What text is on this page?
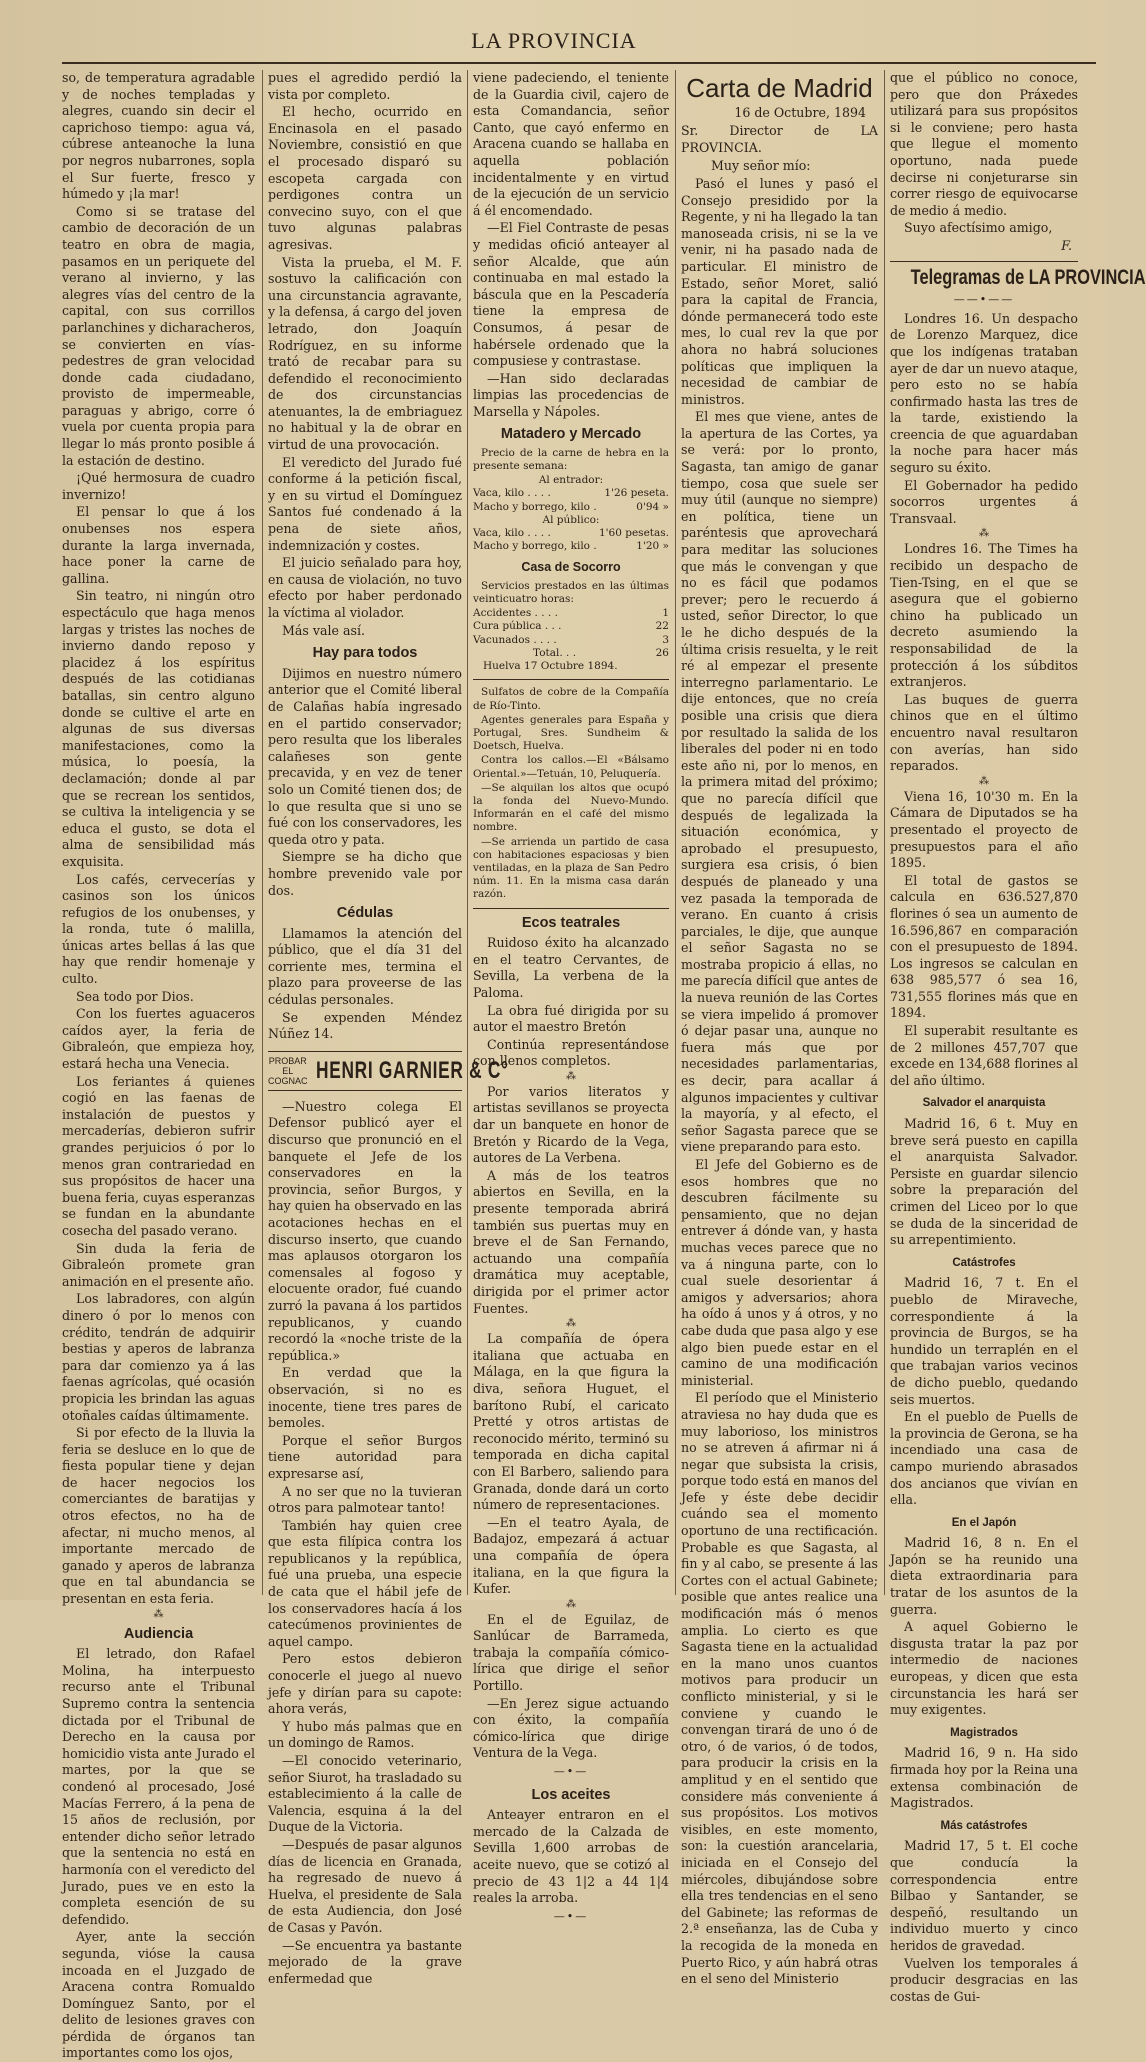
LA PROVINCIA

so, de temperatura agradable y de noches templadas y alegres, cuando sin decir el caprichoso tiempo: agua vá, cúbrese anteanoche la luna por negros nubarrones, sopla el Sur fuerte, fresco y húmedo y ¡la mar!

Como si se tratase del cambio de decoración de un teatro en obra de magia, pasamos en un periquete del verano al invierno, y las alegres vías del centro de la capital, con sus corrillos parlanchines y dicharacheros, se convierten en vías-pedestres de gran velocidad donde cada ciudadano, provisto de impermeable, paraguas y abrigo, corre ó vuela por cuenta propia para llegar lo más pronto posible á la estación de destino.

¡Qué hermosura de cuadro invernizo!

El pensar lo que á los onubenses nos espera durante la larga invernada, hace poner la carne de gallina.

Sin teatro, ni ningún otro espectáculo que haga menos largas y tristes las noches de invierno dando reposo y placidez á los espíritus después de las cotidianas batallas, sin centro alguno donde se cultive el arte en algunas de sus diversas manifestaciones, como la música, lo poesía, la declamación; donde al par que se recrean los sentidos, se cultiva la inteligencia y se educa el gusto, se dota el alma de sensibilidad más exquisita.

Los cafés, cervecerías y casinos son los únicos refugios de los onubenses, y la ronda, tute ó malilla, únicas artes bellas á las que hay que rendir homenaje y culto.

Sea todo por Dios.

Con los fuertes aguaceros caídos ayer, la feria de Gibraleón, que empieza hoy, estará hecha una Venecia.

Los feriantes á quienes cogió en las faenas de instalación de puestos y mercaderías, debieron sufrir grandes perjuicios ó por lo menos gran contrariedad en sus propósitos de hacer una buena feria, cuyas esperanzas se fundan en la abundante cosecha del pasado verano.

Sin duda la feria de Gibraleón promete gran animación en el presente año.

Los labradores, con algún dinero ó por lo menos con crédito, tendrán de adquirir bestias y aperos de labranza para dar comienzo ya á las faenas agrícolas, qué ocasión propicia les brindan las aguas otoñales caídas últimamente.

Si por efecto de la lluvia la feria se desluce en lo que de fiesta popular tiene y dejan de hacer negocios los comerciantes de baratijas y otros efectos, no ha de afectar, ni mucho menos, al importante mercado de ganado y aperos de labranza que en tal abundancia se presentan en esta feria.

⁂
Audiencia

El letrado, don Rafael Molina, ha interpuesto recurso ante el Tribunal Supremo contra la sentencia dictada por el Tribunal de Derecho en la causa por homicidio vista ante Jurado el martes, por la que se condenó al procesado, José Macías Ferrero, á la pena de 15 años de reclusión, por entender dicho señor letrado que la sentencia no está en harmonía con el veredicto del Jurado, pues ve en esto la completa esención de su defendido.

Ayer, ante la sección segunda, vióse la causa incoada en el Juzgado de Aracena contra Romualdo Domínguez Santo, por el delito de lesiones graves con pérdida de órganos tan importantes como los ojos,

pues el agredido perdió la vista por completo.

El hecho, ocurrido en Encinasola en el pasado Noviembre, consistió en que el procesado disparó su escopeta cargada con perdigones contra un convecino suyo, con el que tuvo algunas palabras agresivas.

Vista la prueba, el M. F. sostuvo la calificación con una circunstancia agravante, y la defensa, á cargo del joven letrado, don Joaquín Rodríguez, en su informe trató de recabar para su defendido el reconocimiento de dos circunstancias atenuantes, la de embriaguez no habitual y la de obrar en virtud de una provocación.

El veredicto del Jurado fué conforme á la petición fiscal, y en su virtud el Domínguez Santos fué condenado á la pena de siete años, indemnización y costes.

El juicio señalado para hoy, en causa de violación, no tuvo efecto por haber perdonado la víctima al violador.

Más vale así.

Hay para todos

Dijimos en nuestro número anterior que el Comité liberal de Calañas había ingresado en el partido conservador; pero resulta que los liberales calañeses son gente precavida, y en vez de tener solo un Comité tienen dos; de lo que resulta que si uno se fué con los conservadores, les queda otro y pata.

Siempre se ha dicho que hombre prevenido vale por dos.

Cédulas

Llamamos la atención del público, que el día 31 del corriente mes, termina el plazo para proveerse de las cédulas personales.

Se expenden Méndez Núñez 14.

PROBAR
EL
COGNAC HENRI GARNIER & C°

—Nuestro colega El Defensor publicó ayer el discurso que pronunció en el banquete el Jefe de los conservadores en la provincia, señor Burgos, y hay quien ha observado en las acotaciones hechas en el discurso inserto, que cuando mas aplausos otorgaron los comensales al fogoso y elocuente orador, fué cuando zurró la pavana á los partidos republicanos, y cuando recordó la «noche triste de la república.»

En verdad que la observación, si no es inocente, tiene tres pares de bemoles.

Porque el señor Burgos tiene autoridad para expresarse así,

A no ser que no la tuvieran otros para palmotear tanto!

También hay quien cree que esta filípica contra los republicanos y la república, fué una prueba, una especie de cata que el hábil jefe de los conservadores hacía á los catecúmenos provinientes de aquel campo.

Pero estos debieron conocerle el juego al nuevo jefe y dirían para su capote: ahora verás,

Y hubo más palmas que en un domingo de Ramos.

—El conocido veterinario, señor Siurot, ha trasladado su establecimiento á la calle de Valencia, esquina á la del Duque de la Victoria.

—Después de pasar algunos días de licencia en Granada, ha regresado de nuevo á Huelva, el presidente de Sala de esta Audiencia, don José de Casas y Pavón.

—Se encuentra ya bastante mejorado de la grave enfermedad que

viene padeciendo, el teniente de la Guardia civil, cajero de esta Comandancia, señor Canto, que cayó enfermo en Aracena cuando se hallaba en aquella población incidentalmente y en virtud de la ejecución de un servicio á él encomendado.

—El Fiel Contraste de pesas y medidas ofició anteayer al señor Alcalde, que aún continuaba en mal estado la báscula que en la Pescadería tiene la empresa de Consumos, á pesar de habérsele ordenado que la compusiese y contrastase.

—Han sido declaradas limpias las procedencias de Marsella y Nápoles.

Matadero y Mercado

Precio de la carne de hebra en la presente semana:

Al entrador:
Vaca, kilo . . . .	1'26 peseta.
Macho y borrego, kilo .	0'94 »
Al público:
Vaca, kilo . . . .	1'60 pesetas.
Macho y borrego, kilo .	1'20 »
Casa de Socorro

Servicios prestados en las últimas veinticuatro horas:

Accidentes . . . .	1
Cura pública . . .	22
Vacunados . . . .	3
Total. . .	26
Huelva 17 Octubre 1894.

Sulfatos de cobre de la Compañía de Río-Tinto.

Agentes generales para España y Portugal, Sres. Sundheim & Doetsch, Huelva.

Contra los callos.—El «Bálsamo Oriental.»—Tetuán, 10, Peluquería.

—Se alquilan los altos que ocupó la fonda del Nuevo-Mundo. Informarán en el café del mismo nombre.

—Se arrienda un partido de casa con habitaciones espaciosas y bien ventiladas, en la plaza de San Pedro núm. 11. En la misma casa darán razón.

Ecos teatrales

Ruidoso éxito ha alcanzado en el teatro Cervantes, de Sevilla, La verbena de la Paloma.

La obra fué dirigida por su autor el maestro Bretón

Continúa representándose con llenos completos.

⁂

Por varios literatos y artistas sevillanos se proyecta dar un banquete en honor de Bretón y Ricardo de la Vega, autores de La Verbena.

A más de los teatros abiertos en Sevilla, en la presente temporada abrirá también sus puertas muy en breve el de San Fernando, actuando una compañía dramática muy aceptable, dirigida por el primer actor Fuentes.

⁂

La compañía de ópera italiana que actuaba en Málaga, en la que figura la diva, señora Huguet, el barítono Rubí, el caricato Pretté y otros artistas de reconocido mérito, terminó su temporada en dicha capital con El Barbero, saliendo para Granada, donde dará un corto número de representaciones.

—En el teatro Ayala, de Badajoz, empezará á actuar una compañía de ópera italiana, en la que figura la Kufer.

⁂

En el de Eguilaz, de Sanlúcar de Barrameda, trabaja la compañía cómico-lírica que dirige el señor Portillo.

—En Jerez sigue actuando con éxito, la compañía cómico-lírica que dirige Ventura de la Vega.

—•—
Los aceites

Anteayer entraron en el mercado de la Calzada de Sevilla 1,600 arrobas de aceite nuevo, que se cotizó al precio de 43 1|2 a 44 1|4 reales la arroba.

—•—
Carta de Madrid
16 de Octubre, 1894

Sr. Director de LA PROVINCIA.

Muy señor mío:

Pasó el lunes y pasó el Consejo presidido por la Regente, y ni ha llegado la tan manoseada crisis, ni se la ve venir, ni ha pasado nada de particular. El ministro de Estado, señor Moret, salió para la capital de Francia, dónde permanecerá todo este mes, lo cual rev la que por ahora no habrá soluciones políticas que impliquen la necesidad de cambiar de ministros.

El mes que viene, antes de la apertura de las Cortes, ya se verá: por lo pronto, Sagasta, tan amigo de ganar tiempo, cosa que suele ser muy útil (aunque no siempre) en política, tiene un paréntesis que aprovechará para meditar las soluciones que más le convengan y que no es fácil que podamos prever; pero le recuerdo á usted, señor Director, lo que le he dicho después de la última crisis resuelta, y le reit ré al empezar el presente interregno parlamentario. Le dije entonces, que no creía posible una crisis que diera por resultado la salida de los liberales del poder ni en todo este año ni, por lo menos, en la primera mitad del próximo; que no parecía difícil que después de legalizada la situación económica, y aprobado el presupuesto, surgiera esa crisis, ó bien después de planeado y una vez pasada la temporada de verano. En cuanto á crisis parciales, le dije, que aunque el señor Sagasta no se mostraba propicio á ellas, no me parecía difícil que antes de la nueva reunión de las Cortes se viera impelido á promover ó dejar pasar una, aunque no fuera más que por necesidades parlamentarias, es decir, para acallar á algunos impacientes y cultivar la mayoría, y al efecto, el señor Sagasta parece que se viene preparando para esto.

El Jefe del Gobierno es de esos hombres que no descubren fácilmente su pensamiento, que no dejan entrever á dónde van, y hasta muchas veces parece que no va á ninguna parte, con lo cual suele desorientar á amigos y adversarios; ahora ha oído á unos y á otros, y no cabe duda que pasa algo y ese algo bien puede estar en el camino de una modificación ministerial.

El período que el Ministerio atraviesa no hay duda que es muy laborioso, los ministros no se atreven á afirmar ni á negar que subsista la crisis, porque todo está en manos del Jefe y éste debe decidir cuándo sea el momento oportuno de una rectificación. Probable es que Sagasta, al fin y al cabo, se presente á las Cortes con el actual Gabinete; posible que antes realice una modificación más ó menos amplia. Lo cierto es que Sagasta tiene en la actualidad en la mano unos cuantos motivos para producir un conflicto ministerial, y si le conviene y cuando le convengan tirará de uno ó de otro, ó de varios, ó de todos, para producir la crisis en la amplitud y en el sentido que considere más conveniente á sus propósitos. Los motivos visibles, en este momento, son: la cuestión arancelaria, iniciada en el Consejo del miércoles, dibujándose sobre ella tres tendencias en el seno del Gabinete; las reformas de 2.ª enseñanza, las de Cuba y la recogida de la moneda en Puerto Rico, y aún habrá otras en el seno del Ministerio

que el público no conoce, pero que don Práxedes utilizará para sus propósitos si le conviene; pero hasta que llegue el momento oportuno, nada puede decirse ni conjeturarse sin correr riesgo de equivocarse de medio á medio.

Suyo afectísimo amigo,

F.
Telegramas de LA PROVINCIA
——•——

Londres 16. Un despacho de Lorenzo Marquez, dice que los indígenas trataban ayer de dar un nuevo ataque, pero esto no se había confirmado hasta las tres de la tarde, existiendo la creencia de que aguardaban la noche para hacer más seguro su éxito.

El Gobernador ha pedido socorros urgentes á Transvaal.

⁂

Londres 16. The Times ha recibido un despacho de Tien-Tsing, en el que se asegura que el gobierno chino ha publicado un decreto asumiendo la responsabilidad de la protección á los súbditos extranjeros.

Las buques de guerra chinos que en el último encuentro naval resultaron con averías, han sido reparados.

⁂

Viena 16, 10'30 m. En la Cámara de Diputados se ha presentado el proyecto de presupuestos para el año 1895.

El total de gastos se calcula en 636.527,870 florines ó sea un aumento de 16.596,867 en comparación con el presupuesto de 1894. Los ingresos se calculan en 638 985,577 ó sea 16, 731,555 florines más que en 1894.

El superabit resultante es de 2 millones 457,707 que excede en 134,688 florines al del año último.

Salvador el anarquista

Madrid 16, 6 t. Muy en breve será puesto en capilla el anarquista Salvador. Persiste en guardar silencio sobre la preparación del crimen del Liceo por lo que se duda de la sinceridad de su arrepentimiento.

Catástrofes

Madrid 16, 7 t. En el pueblo de Miraveche, correspondiente á la provincia de Burgos, se ha hundido un terraplén en el que trabajan varios vecinos de dicho pueblo, quedando seis muertos.

En el pueblo de Puells de la provincia de Gerona, se ha incendiado una casa de campo muriendo abrasados dos ancianos que vivían en ella.

En el Japón

Madrid 16, 8 n. En el Japón se ha reunido una dieta extraordinaria para tratar de los asuntos de la guerra.

A aquel Gobierno le disgusta tratar la paz por intermedio de naciones europeas, y dicen que esta circunstancia les hará ser muy exigentes.

Magistrados

Madrid 16, 9 n. Ha sido firmada hoy por la Reina una extensa combinación de Magistrados.

Más catástrofes

Madrid 17, 5 t. El coche que conducía la correspondencia entre Bilbao y Santander, se despeñó, resultando un individuo muerto y cinco heridos de gravedad.

Vuelven los temporales á producir desgracias en las costas de Gui-
